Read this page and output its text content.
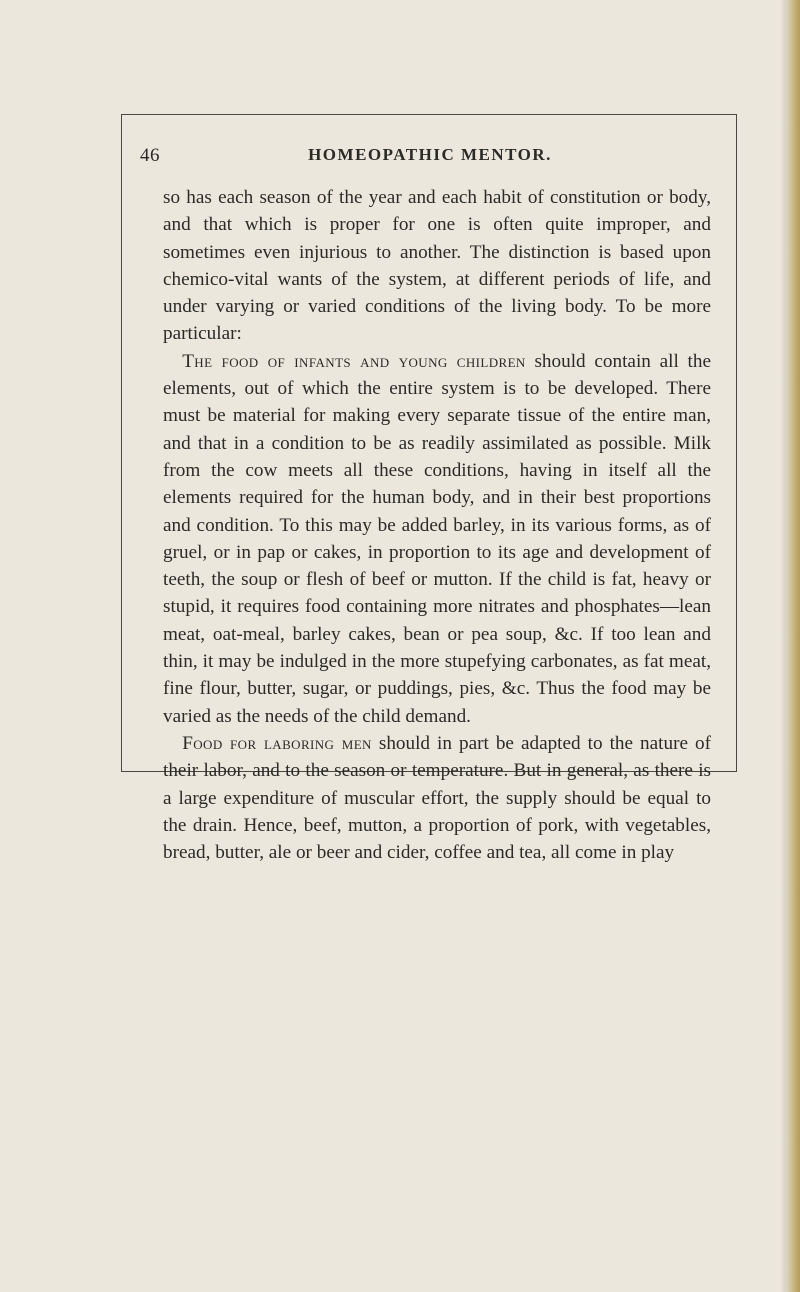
46	HOMEOPATHIC MENTOR.

so has each season of the year and each habit of constitution or body, and that which is proper for one is often quite improper, and sometimes even injurious to another. The distinction is based upon chemico-vital wants of the system, at different periods of life, and under varying or varied conditions of the living body. To be more particular:

 The food of infants and young children should contain all the elements, out of which the entire system is to be developed. There must be material for making every separate tissue of the entire man, and that in a condition to be as readily assimilated as possible. Milk from the cow meets all these conditions, having in itself all the elements required for the human body, and in their best proportions and condition. To this may be added barley, in its various forms, as of gruel, or in pap or cakes, in proportion to its age and development of teeth, the soup or flesh of beef or mutton. If the child is fat, heavy or stupid, it requires food containing more nitrates and phosphates—lean meat, oat-meal, barley cakes, bean or pea soup, &c. If too lean and thin, it may be indulged in the more stupefying carbonates, as fat meat, fine flour, butter, sugar, or puddings, pies, &c. Thus the food may be varied as the needs of the child demand.

 Food for laboring men should in part be adapted to the nature of their labor, and to the season or temperature. But in general, as there is a large expenditure of muscular effort, the supply should be equal to the drain. Hence, beef, mutton, a proportion of pork, with vegetables, bread, butter, ale or beer and cider, coffee and tea, all come in play
